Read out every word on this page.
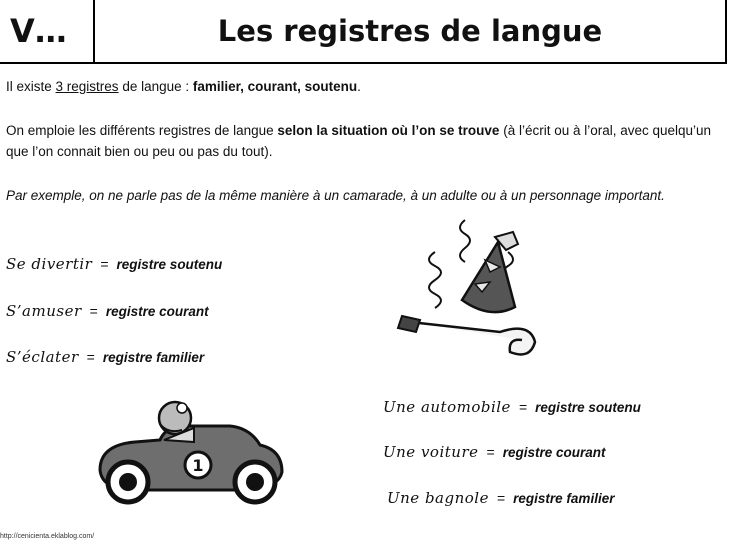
V…	Les registres de langue
Il existe 3 registres de langue : familier, courant, soutenu.
On emploie les différents registres de langue selon la situation où l’on se trouve (à l’écrit ou à l’oral, avec quelqu’un que l’on connait bien ou peu ou pas du tout).
Par exemple, on ne parle pas de la même manière à un camarade, à un adulte ou à un personnage important.
Se divertir = registre soutenu
S’amuser = registre courant
S’éclater = registre familier
Une automobile = registre soutenu
Une voiture = registre courant
Une bagnole = registre familier
1
http://cenicienta.eklablog.com/
